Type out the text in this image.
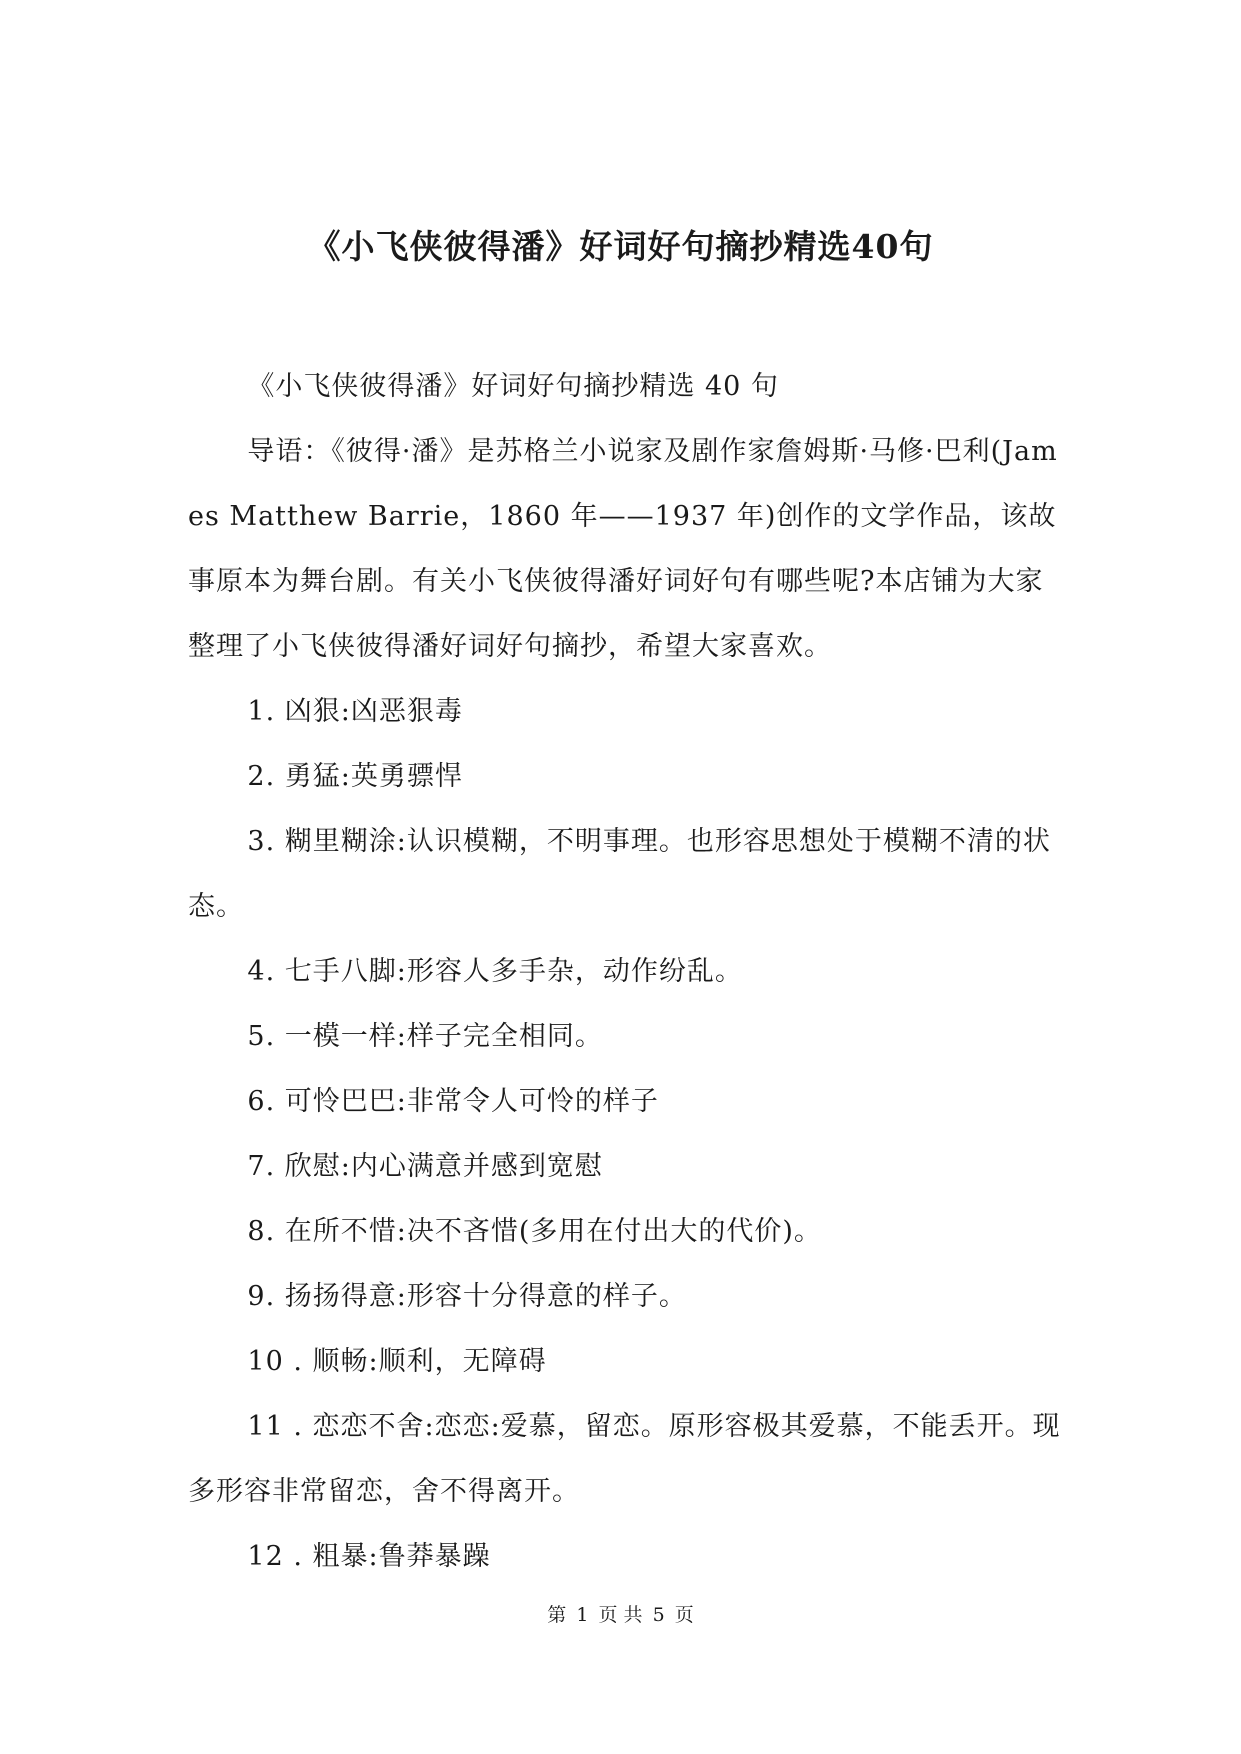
《小飞侠彼得潘》好词好句摘抄精选40句

《小飞侠彼得潘》好词好句摘抄精选 40 句

导语：《彼得·潘》是苏格兰小说家及剧作家詹姆斯·马修·巴利(James Matthew Barrie，1860 年——1937 年)创作的文学作品，该故事原本为舞台剧。有关小飞侠彼得潘好词好句有哪些呢?本店铺为大家整理了小飞侠彼得潘好词好句摘抄，希望大家喜欢。

1. 凶狠:凶恶狠毒

2. 勇猛:英勇骠悍

3. 糊里糊涂:认识模糊，不明事理。也形容思想处于模糊不清的状态。

4. 七手八脚:形容人多手杂，动作纷乱。

5. 一模一样:样子完全相同。

6. 可怜巴巴:非常令人可怜的样子

7. 欣慰:内心满意并感到宽慰

8. 在所不惜:决不吝惜(多用在付出大的代价)。

9. 扬扬得意:形容十分得意的样子。

10 . 顺畅:顺利，无障碍

11 . 恋恋不舍:恋恋:爱慕，留恋。原形容极其爱慕，不能丢开。现多形容非常留恋，舍不得离开。

12 . 粗暴:鲁莽暴躁

第 1 页 共 5 页
